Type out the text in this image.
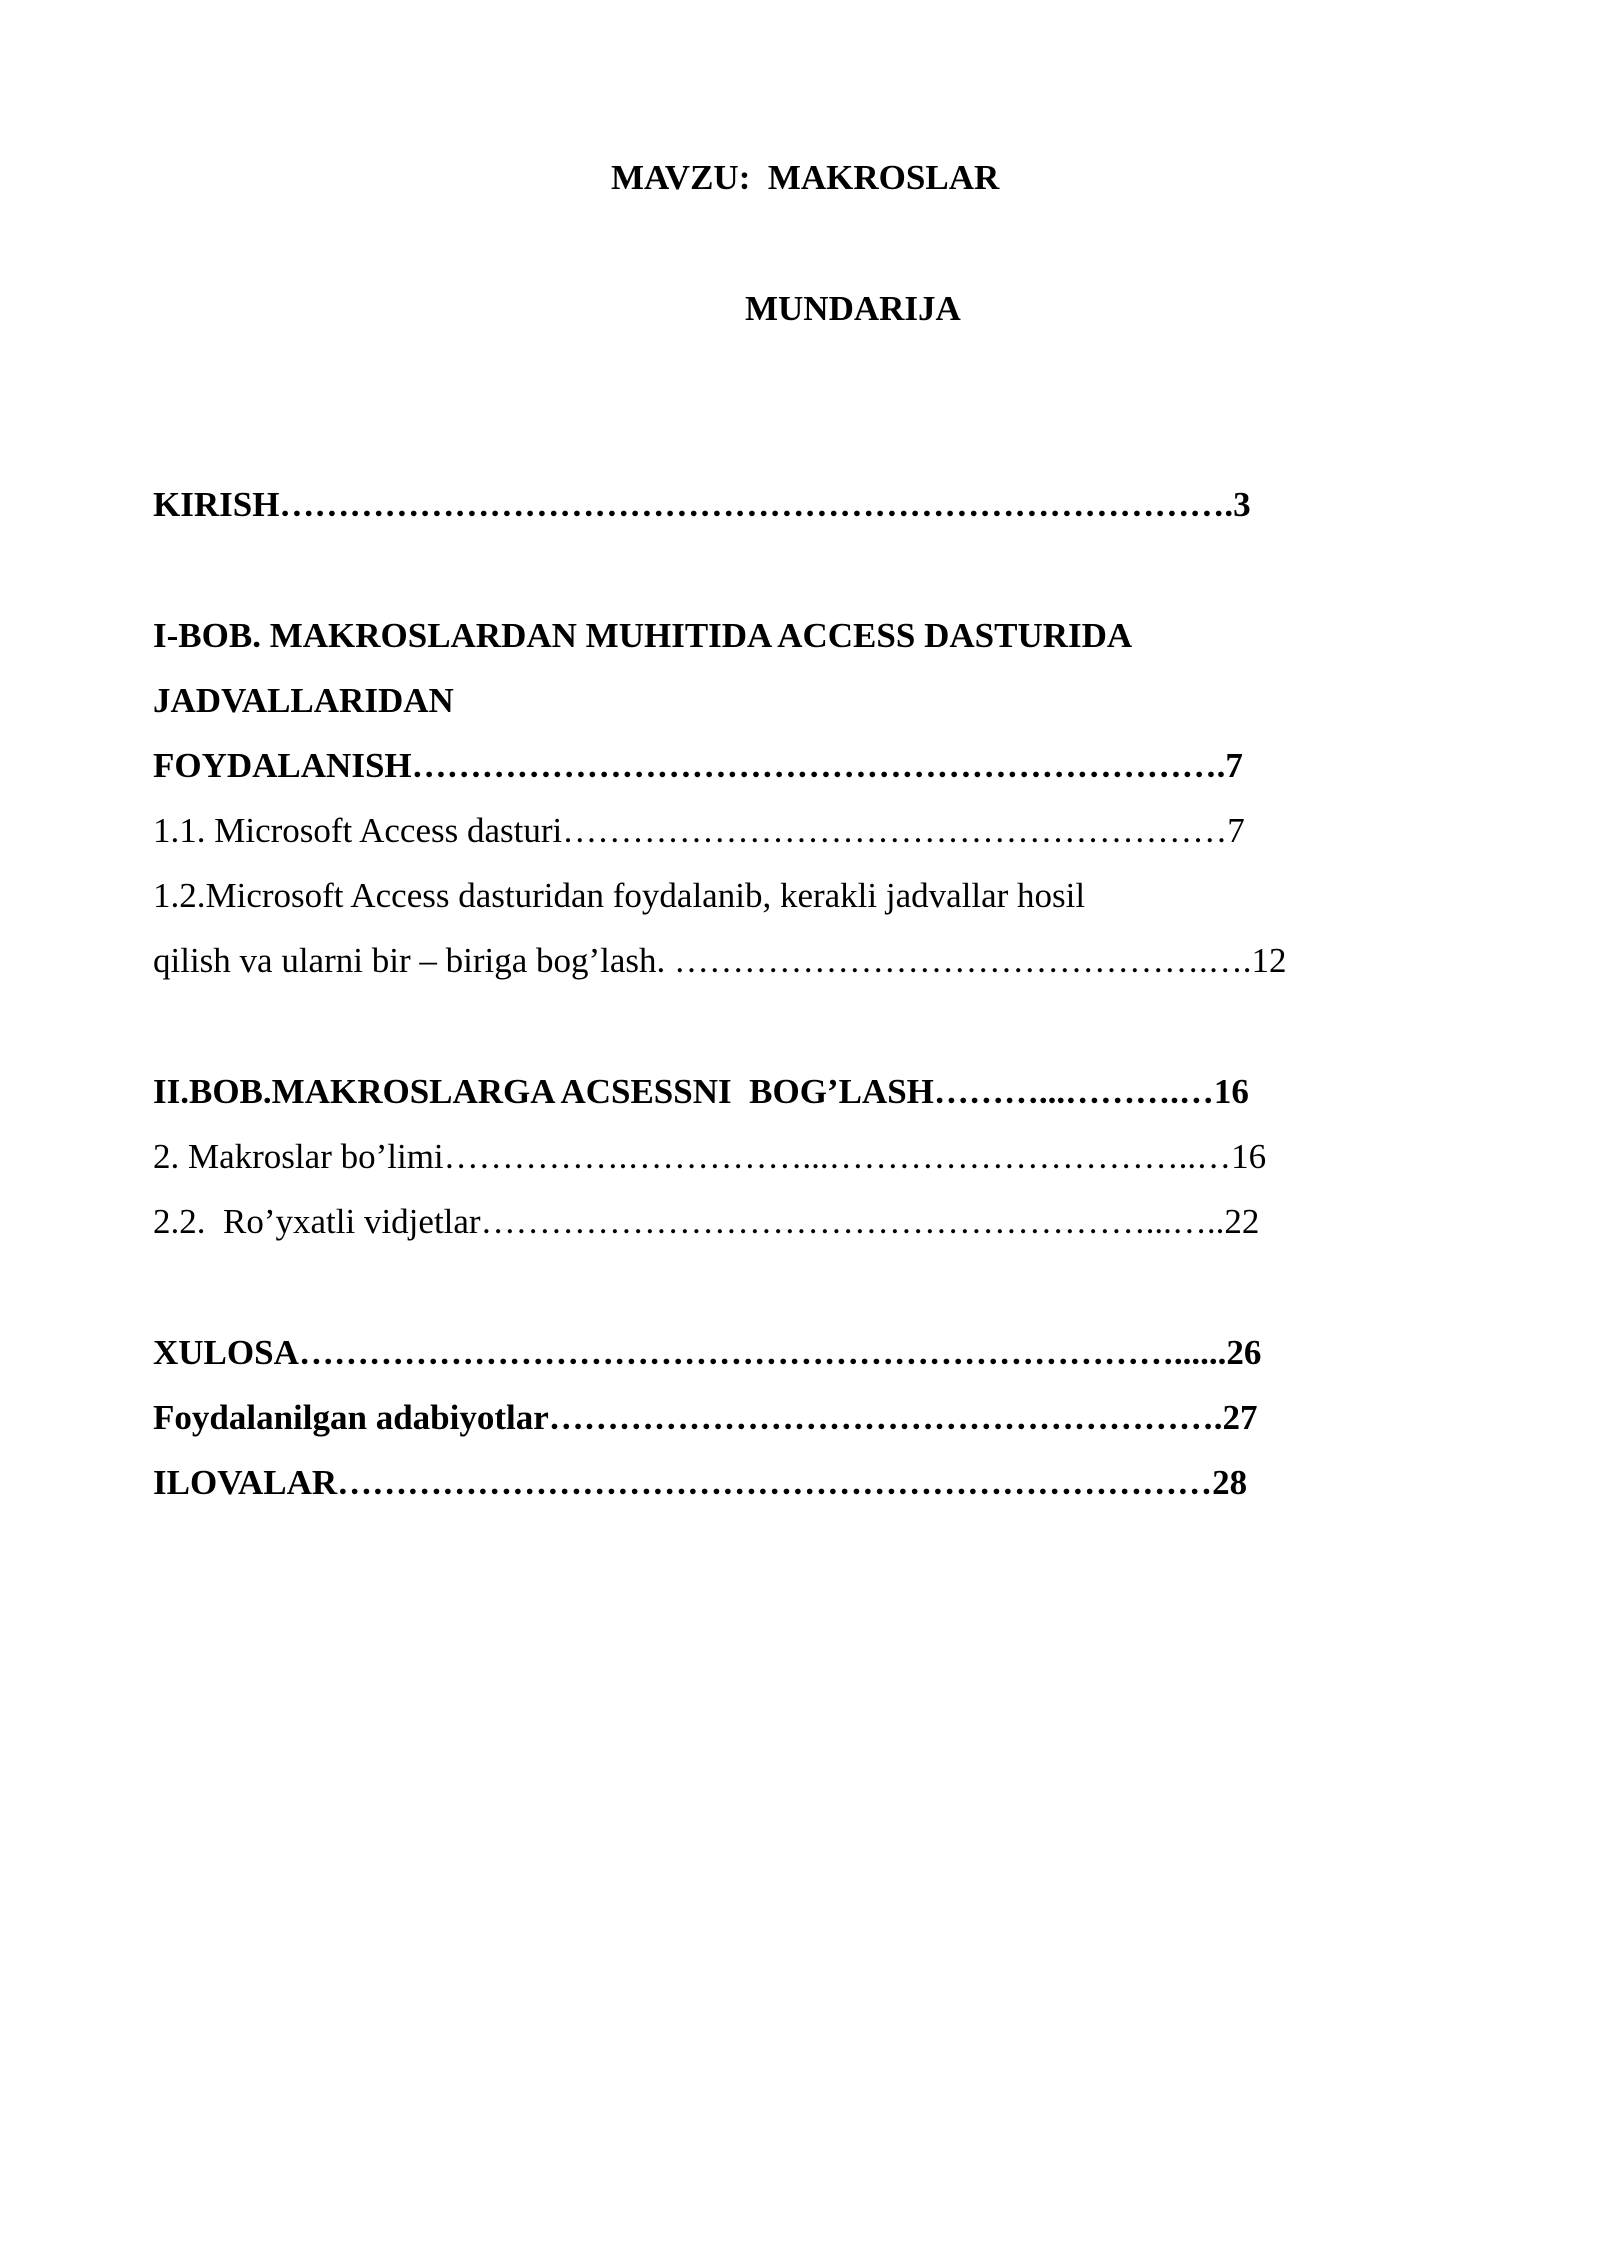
MAVZU:  MAKROSLAR
MUNDARIJA
KIRISH……………………………………………………………………….3
I-BOB. MAKROSLARDAN MUHITIDA ACCESS DASTURIDA
JADVALLARIDAN
FOYDALANISH…………………………………………………………….7
1.1. Microsoft Access dasturi…………………………………………………7
1.2.Microsoft Access dasturidan foydalanib, kerakli jadvallar hosil
qilish va ularni bir – biriga bog’lash. ……………………………………….….12
II.BOB.MAKROSLARGA ACSESSNI  BOG’LASH………...……….…16
2. Makroslar bo’limi…………….……………...…………………………..…16
2.2.  Ro’yxatli vidjetlar…………………………………………………...…..22
XULOSA…………………………………………………………………......26
Foydalanilgan adabiyotlar………………………………………………….27
ILOVALAR…………………………………………………………………28
